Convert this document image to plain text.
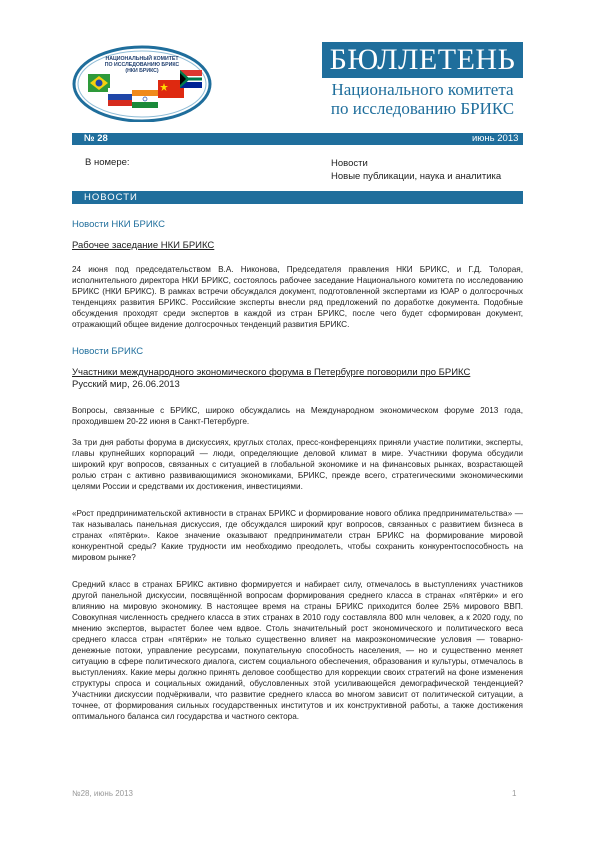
НАЦИОНАЛЬНЫЙ КОМИТЕТ
ПО ИССЛЕДОВАНИЮ БРИКС
(НКИ БРИКС)	БЮЛЛЕТЕНЬ
Национального комитета
по исследованию БРИКС
№ 28	июнь 2013
В номере:	Новости
Новые публикации, наука и аналитика
НОВОСТИ
Новости НКИ БРИКС
Рабочее заседание НКИ БРИКС
24 июня под председательством В.А. Никонова, Председателя правления НКИ БРИКС, и Г.Д. Толорая, исполнительного директора НКИ БРИКС, состоялось рабочее заседание Национального комитета по исследованию БРИКС (НКИ БРИКС). В рамках встречи обсуждался документ, подготовленной экспертами из ЮАР о долгосрочных тенденциях развития БРИКС. Российские эксперты внесли ряд предложений по доработке документа. Подобные обсуждения проходят среди экспертов в каждой из стран БРИКС, после чего будет сформирован документ, отражающий общее видение долгосрочных тенденций развития БРИКС.
Новости БРИКС
Участники международного экономического форума в Петербурге поговорили про БРИКС
Русский мир, 26.06.2013
Вопросы, связанные с БРИКС, широко обсуждались на Международном экономическом форуме 2013 года, проходившем 20-22 июня в Санкт-Петербурге.
За три дня работы форума в дискуссиях, круглых столах, пресс-конференциях приняли участие политики, эксперты, главы крупнейших корпораций — люди, определяющие деловой климат в мире. Участники форума обсудили широкий круг вопросов, связанных с ситуацией в глобальной экономике и на финансовых рынках, возрастающей ролью стран с активно развивающимися экономиками, БРИКС, прежде всего, стратегическими экономическими целями России и средствами их достижения, инвестициями.
«Рост предпринимательской активности в странах БРИКС и формирование нового облика предпринимательства» — так называлась панельная дискуссия, где обсуждался широкий круг вопросов, связанных с развитием бизнеса в странах «пятёрки». Какое значение оказывают предприниматели стран БРИКС на формирование мировой конкурентной среды? Какие трудности им необходимо преодолеть, чтобы сохранить конкурентоспособность на мировом рынке?
Средний класс в странах БРИКС активно формируется и набирает силу, отмечалось в выступлениях участников другой панельной дискуссии, посвящённой вопросам формирования среднего класса в странах «пятёрки» и его влиянию на мировую экономику. В настоящее время на страны БРИКС приходится более 25% мирового ВВП. Совокупная численность среднего класса в этих странах в 2010 году составляла 800 млн человек, а к 2020 году, по мнению экспертов, вырастет более чем вдвое. Столь значительный рост экономического и политического веса среднего класса стран «пятёрки» не только существенно влияет на макроэкономические условия — товарно-денежные потоки, управление ресурсами, покупательную способность населения, — но и существенно меняет ситуацию в сфере политического диалога, систем социального обеспечения, образования и культуры, отмечалось в выступлениях. Какие меры должно принять деловое сообщество для коррекции своих стратегий на фоне изменения структуры спроса и социальных ожиданий, обусловленных этой усиливающейся демографической тенденцией? Участники дискуссии подчёркивали, что развитие среднего класса во многом зависит от политической ситуации, а точнее, от формирования сильных государственных институтов и их конструктивной работы, а также достижения оптимального баланса сил государства и частного сектора.
№28, июнь 2013	1
